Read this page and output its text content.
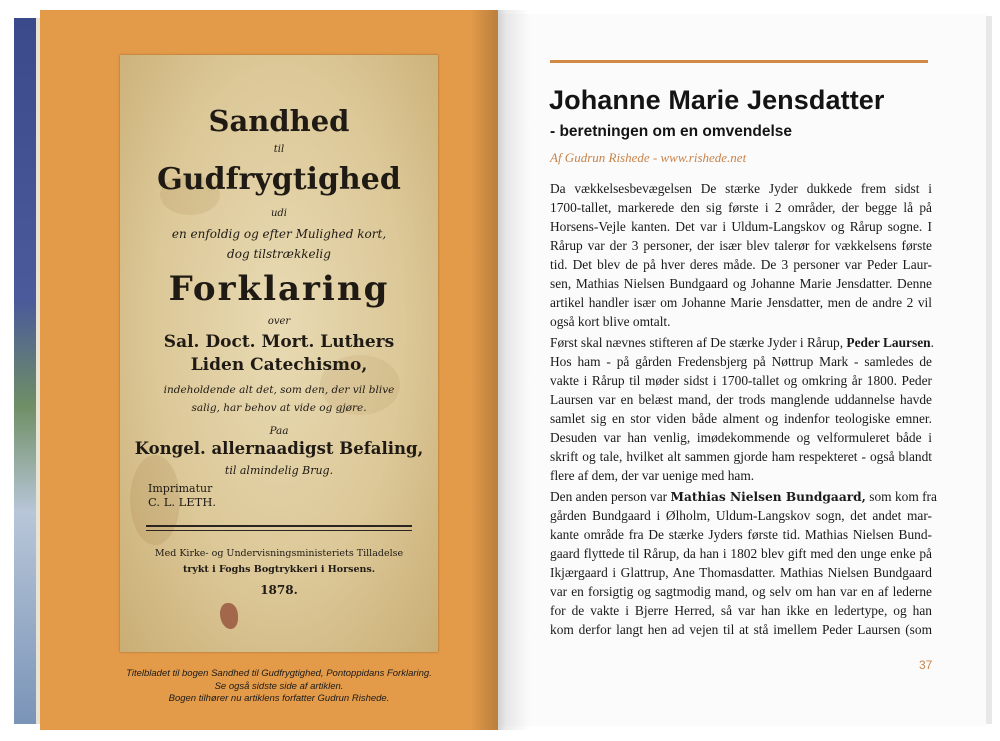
Sandhed
til
Gudfrygtighed
udi
en enfoldig og efter Mulighed kort,
dog tilstrækkelig
Forklaring
over
Sal. Doct. Mort. Luthers
Liden Catechismo,
indeholdende alt det, som den, der vil blive
salig, har behov at vide og gjøre.
Paa
Kongel. allernaadigst Befaling,
til almindelig Brug.
Imprimatur
C. L. LETH.
Med Kirke- og Undervisningsministeriets Tilladelse
trykt i Foghs Bogtrykkeri i Horsens.
1878.
Titelbladet til bogen Sandhed til Gudfrygtighed, Pontoppidans Forklaring.
Se også sidste side af artiklen.
Bogen tilhører nu artiklens forfatter Gudrun Rishede.
Johanne Marie Jensdatter
- beretningen om en omvendelse
Af Gudrun Rishede - www.rishede.net
Da vækkelsesbevægelsen De stærke Jyder dukkede frem sidst i
1700-tallet, markerede den sig første i 2 områder, der begge lå på
Horsens-Vejle kanten. Det var i Uldum-Langskov og Rårup sogne. I
Rårup var der 3 personer, der især blev talerør for vækkelsens første
tid. Det blev de på hver deres måde. De 3 personer var Peder Laur-
sen, Mathias Nielsen Bundgaard og Johanne Marie Jensdatter. Denne
artikel handler især om Johanne Marie Jensdatter, men de andre 2 vil
også kort blive omtalt.
Først skal nævnes stifteren af De stærke Jyder i Rårup, Peder Laursen.
Hos ham - på gården Fredensbjerg på Nøttrup Mark - samledes de
vakte i Rårup til møder sidst i 1700-tallet og omkring år 1800. Peder
Laursen var en belæst mand, der trods manglende uddannelse havde
samlet sig en stor viden både alment og indenfor teologiske emner.
Desuden var han venlig, imødekommende og velformuleret både i
skrift og tale, hvilket alt sammen gjorde ham respekteret - også blandt
flere af dem, der var uenige med ham.
Den anden person var Mathias Nielsen Bundgaard, som kom fra
gården Bundgaard i Ølholm, Uldum-Langskov sogn, det andet mar-
kante område fra De stærke Jyders første tid. Mathias Nielsen Bund-
gaard flyttede til Rårup, da han i 1802 blev gift med den unge enke på
Ikjærgaard i Glattrup, Ane Thomasdatter. Mathias Nielsen Bundgaard
var en forsigtig og sagtmodig mand, og selv om han var en af lederne
for de vakte i Bjerre Herred, så var han ikke en ledertype, og han
kom derfor langt hen ad vejen til at stå imellem Peder Laursen (som
37
